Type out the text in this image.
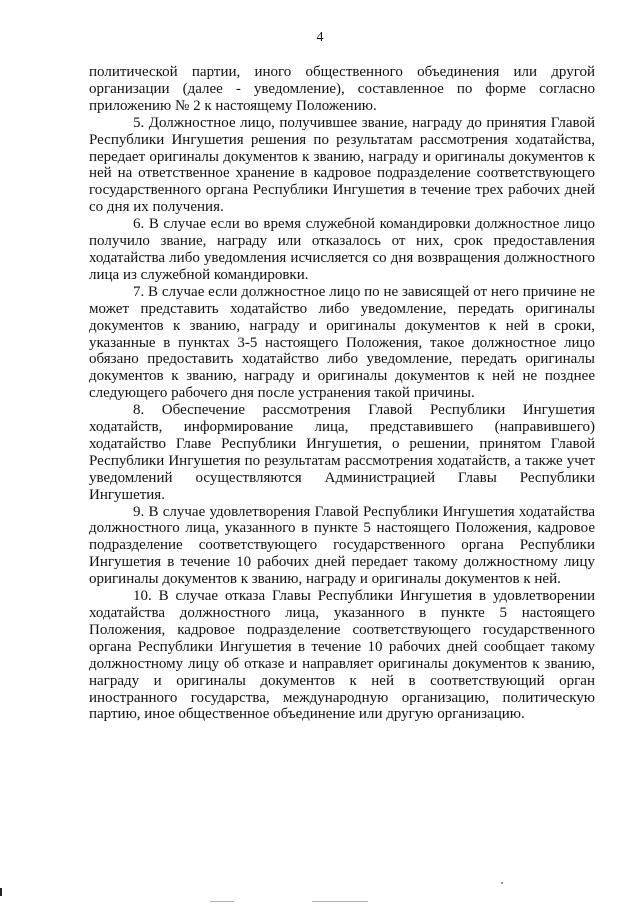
4

политической партии, иного общественного объединения или другой организации (далее - уведомление), составленное по форме согласно приложению № 2 к настоящему Положению.

5. Должностное лицо, получившее звание, награду до принятия Главой Республики Ингушетия решения по результатам рассмотрения ходатайства, передает оригиналы документов к званию, награду и оригиналы документов к ней на ответственное хранение в кадровое подразделение соответствующего государственного органа Республики Ингушетия в течение трех рабочих дней со дня их получения.

6. В случае если во время служебной командировки должностное лицо получило звание, награду или отказалось от них, срок предоставления ходатайства либо уведомления исчисляется со дня возвращения должностного лица из служебной командировки.

7. В случае если должностное лицо по не зависящей от него причине не может представить ходатайство либо уведомление, передать оригиналы документов к званию, награду и оригиналы документов к ней в сроки, указанные в пунктах 3-5 настоящего Положения, такое должностное лицо обязано предоставить ходатайство либо уведомление, передать оригиналы документов к званию, награду и оригиналы документов к ней не позднее следующего рабочего дня после устранения такой причины.

8. Обеспечение рассмотрения Главой Республики Ингушетия ходатайств, информирование лица, представившего (направившего) ходатайство Главе Республики Ингушетия, о решении, принятом Главой Республики Ингушетия по результатам рассмотрения ходатайств, а также учет уведомлений осуществляются Администрацией Главы Республики Ингушетия.

9. В случае удовлетворения Главой Республики Ингушетия ходатайства должностного лица, указанного в пункте 5 настоящего Положения, кадровое подразделение соответствующего государственного органа Республики Ингушетия в течение 10 рабочих дней передает такому должностному лицу оригиналы документов к званию, награду и оригиналы документов к ней.

10. В случае отказа Главы Республики Ингушетия в удовлетворении ходатайства должностного лица, указанного в пункте 5 настоящего Положения, кадровое подразделение соответствующего государственного органа Республики Ингушетия в течение 10 рабочих дней сообщает такому должностному лицу об отказе и направляет оригиналы документов к званию, награду и оригиналы документов к ней в соответствующий орган иностранного государства, международную организацию, политическую партию, иное общественное объединение или другую организацию.
